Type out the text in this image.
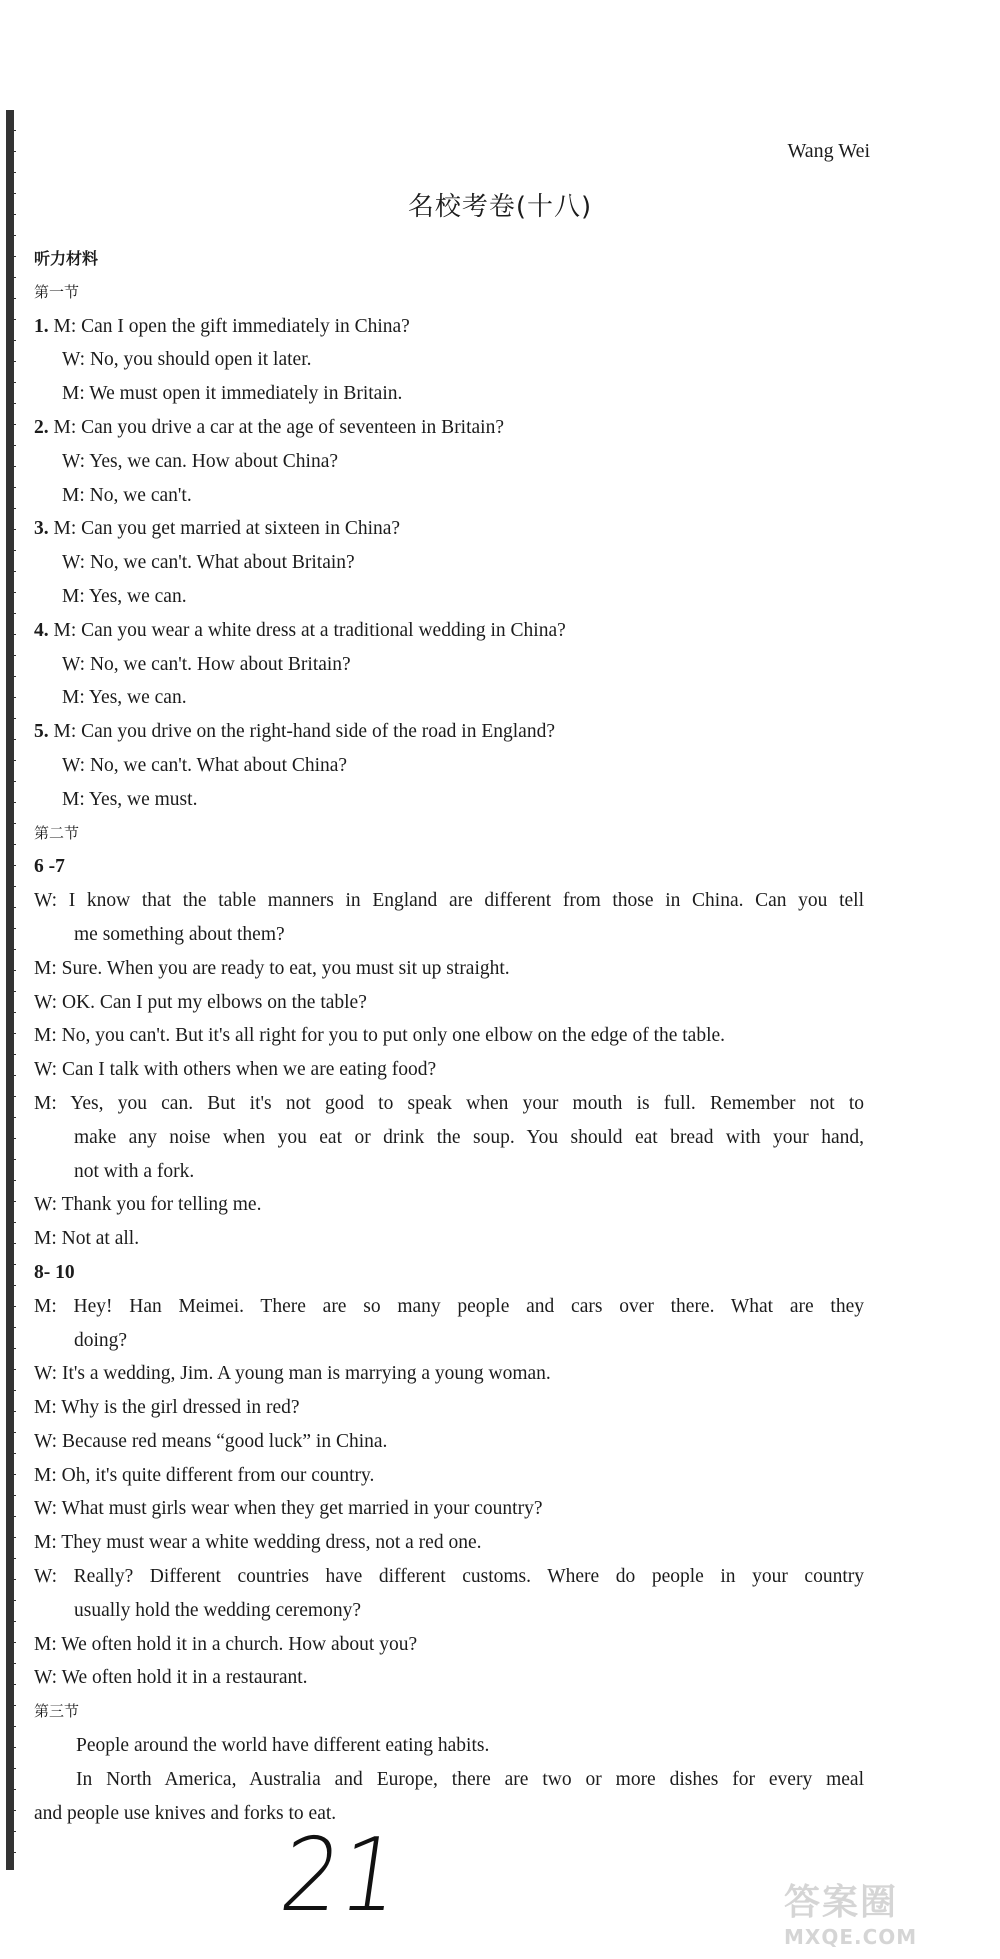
Wang Wei
名校考卷(十八)
听力材料
第一节
1. M: Can I open the gift immediately in China?
W: No, you should open it later.
M: We must open it immediately in Britain.
2. M: Can you drive a car at the age of seventeen in Britain?
W: Yes, we can. How about China?
M: No, we can't.
3. M: Can you get married at sixteen in China?
W: No, we can't. What about Britain?
M: Yes, we can.
4. M: Can you wear a white dress at a traditional wedding in China?
W: No, we can't. How about Britain?
M: Yes, we can.
5. M: Can you drive on the right-hand side of the road in England?
W: No, we can't. What about China?
M: Yes, we must.
第二节
6 -7
W: I know that the table manners in England are different from those in China. Can you tell
me something about them?
M: Sure. When you are ready to eat, you must sit up straight.
W: OK. Can I put my elbows on the table?
M: No, you can't. But it's all right for you to put only one elbow on the edge of the table.
W: Can I talk with others when we are eating food?
M: Yes, you can. But it's not good to speak when your mouth is full. Remember not to
make any noise when you eat or drink the soup. You should eat bread with your hand,
not with a fork.
W: Thank you for telling me.
M: Not at all.
8- 10
M: Hey! Han Meimei. There are so many people and cars over there. What are they
doing?
W: It's a wedding, Jim. A young man is marrying a young woman.
M: Why is the girl dressed in red?
W: Because red means “good luck” in China.
M: Oh, it's quite different from our country.
W: What must girls wear when they get married in your country?
M: They must wear a white wedding dress, not a red one.
W: Really? Different countries have different customs. Where do people in your country
usually hold the wedding ceremony?
M: We often hold it in a church. How about you?
W: We often hold it in a restaurant.
第三节
People around the world have different eating habits.
In North America, Australia and Europe, there are two or more dishes for every meal
and people use knives and forks to eat.
21	答案圈
MXQE.COM
